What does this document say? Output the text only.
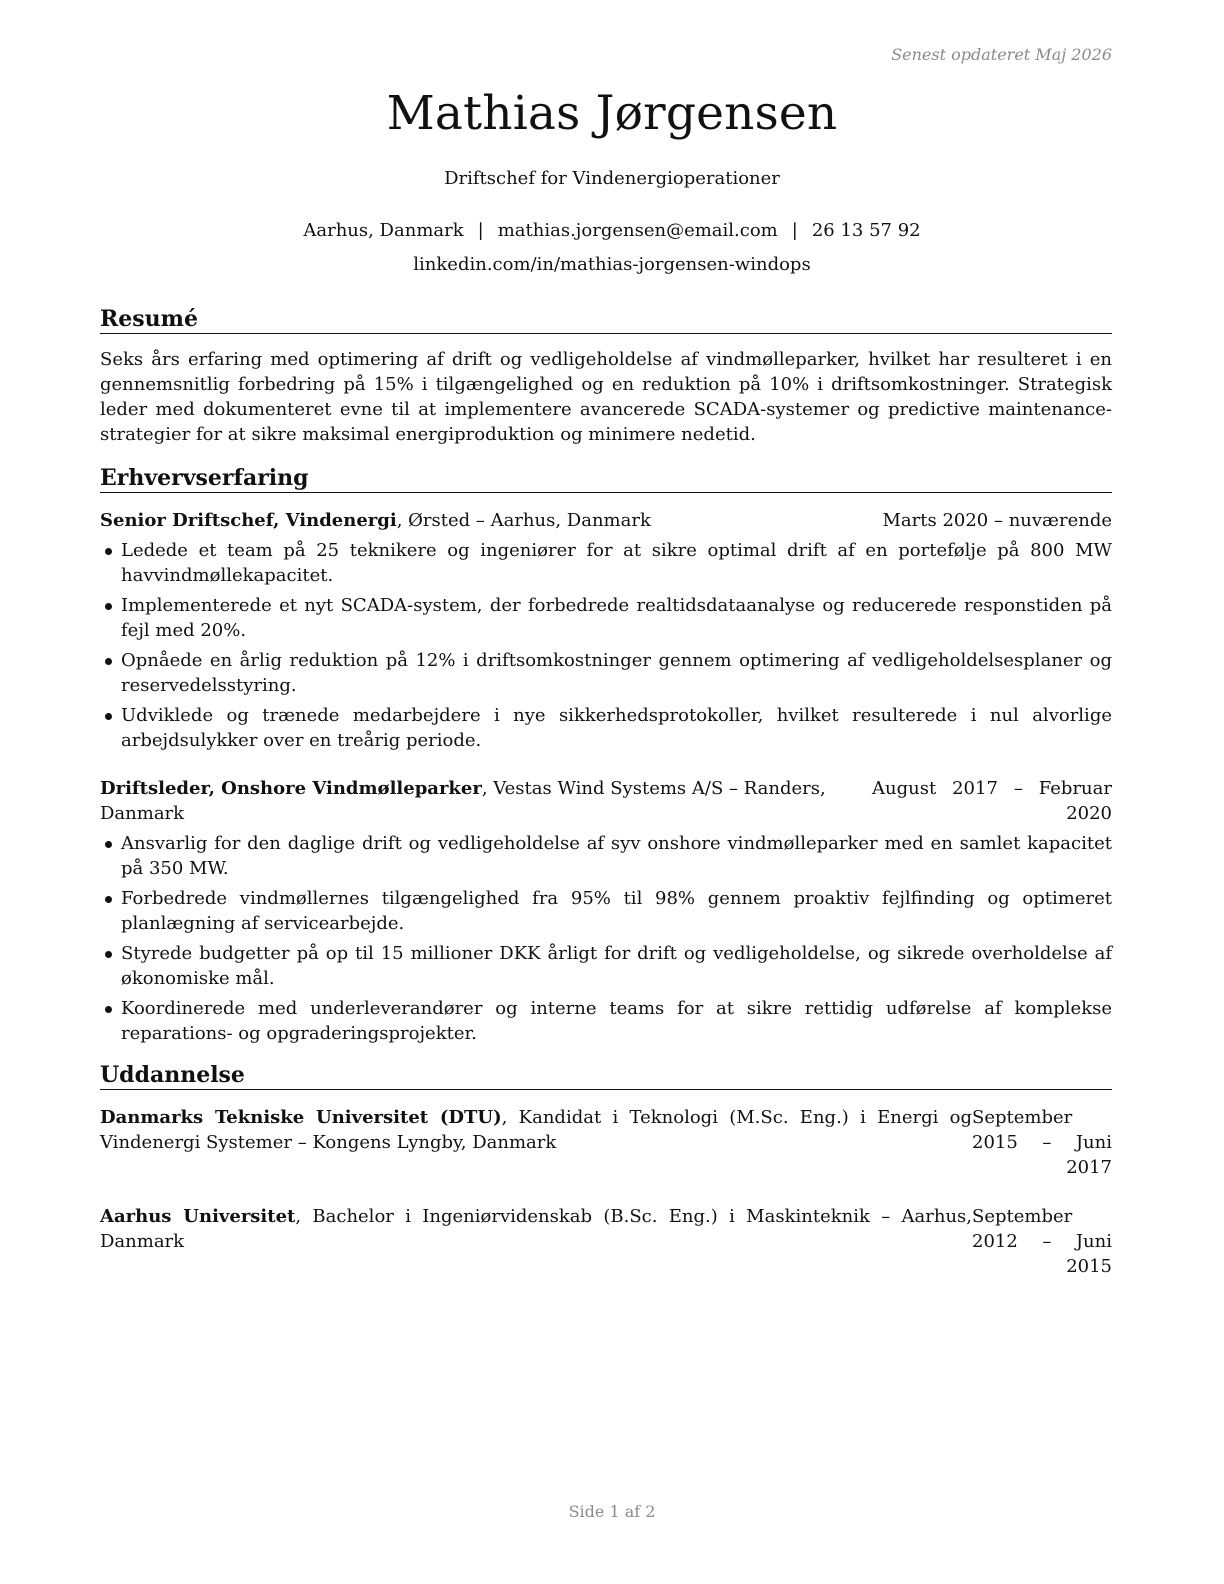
Senest opdateret Maj 2026
Mathias Jørgensen
Driftschef for Vindenergioperationer
Aarhus, Danmark | mathias.jorgensen@email.com | 26 13 57 92
linkedin.com/in/mathias-jorgensen-windops
Resumé

Seks års erfaring med optimering af drift og vedligeholdelse af vindmølleparker, hvilket har resulteret i en gennemsnitlig forbedring på 15% i tilgængelighed og en reduktion på 10% i driftsomkostninger. Strategisk leder med dokumenteret evne til at implementere avancerede SCADA-systemer og predictive maintenance-strategier for at sikre maksimal energiproduktion og minimere nedetid.

Erhvervserfaring
Senior Driftschef, Vindenergi, Ørsted – Aarhus, Danmark	Marts 2020 – nuværende
Ledede et team på 25 teknikere og ingeniører for at sikre optimal drift af en portefølje på 800 MW havvindmøllekapacitet.
Implementerede et nyt SCADA-system, der forbedrede realtidsdataanalyse og reducerede responstiden på fejl med 20%.
Opnåede en årlig reduktion på 12% i driftsomkostninger gennem optimering af vedligeholdelsesplaner og reservedelsstyring.
Udviklede og trænede medarbejdere i nye sikkerhedsprotokoller, hvilket resulterede i nul alvorlige arbejdsulykker over en treårig periode.
Driftsleder, Onshore Vindmølleparker, Vestas Wind Systems A/S – Randers, Danmark
August 2017 – Februar 2020
Ansvarlig for den daglige drift og vedligeholdelse af syv onshore vindmølleparker med en samlet kapacitet på 350 MW.
Forbedrede vindmøllernes tilgængelighed fra 95% til 98% gennem proaktiv fejlfinding og optimeret planlægning af servicearbejde.
Styrede budgetter på op til 15 millioner DKK årligt for drift og vedligeholdelse, og sikrede overholdelse af økonomiske mål.
Koordinerede med underleverandører og interne teams for at sikre rettidig udførelse af komplekse reparations- og opgraderingsprojekter.
Uddannelse
Danmarks Tekniske Universitet (DTU), Kandidat i Teknologi (M.Sc. Eng.) i Energi og Vindenergi Systemer – Kongens Lyngby, Danmark
September 2015 – Juni 2017
Aarhus Universitet, Bachelor i Ingeniørvidenskab (B.Sc. Eng.) i Maskinteknik – Aarhus, Danmark
September 2012 – Juni 2015
Side 1 af 2
